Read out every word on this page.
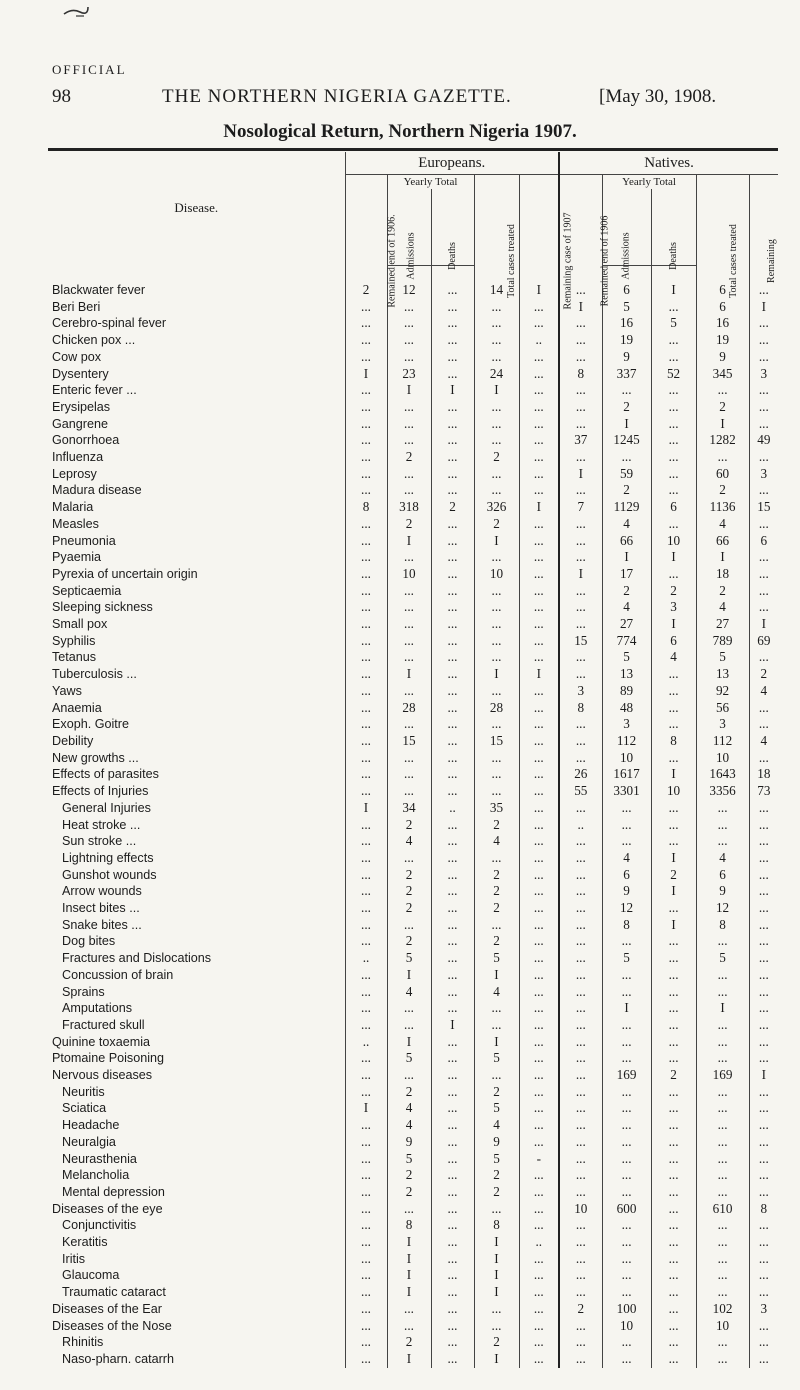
OFFICIAL
98	THE NORTHERN NIGERIA GAZETTE.	[May 30, 1908.
Nosological Return, Northern Nigeria 1907.
Disease.	Europeans.					Natives.				
	Remained end of 1906.	Yearly Total		Total cases treated	Remaining case of 1907	Remained end of 1906	Yearly Total		Total cases treated	Remaining
		Admissions	Deaths				Admissions	Deaths		
Blackwater fever	2	12	...	14	I	...	6	I	6	...
Beri Beri	...	...	...	...	...	I	5	...	6	I
Cerebro-spinal fever	...	...	...	...	...	...	16	5	16	...
Chicken pox ...	...	...	...	...	..	...	19	...	19	...
Cow pox	...	...	...	...	...	...	9	...	9	...
Dysentery	I	23	...	24	...	8	337	52	345	3
Enteric fever ...	...	I	I	I	...	...	...	...	...	...
Erysipelas	...	...	...	...	...	...	2	...	2	...
Gangrene	...	...	...	...	...	...	I	...	I	...
Gonorrhoea	...	...	...	...	...	37	1245	...	1282	49
Influenza	...	2	...	2	...	...	...	...	...	...
Leprosy	...	...	...	...	...	I	59	...	60	3
Madura disease	...	...	...	...	...	...	2	...	2	...
Malaria	8	318	2	326	I	7	1129	6	1136	15
Measles	...	2	...	2	...	...	4	...	4	...
Pneumonia	...	I	...	I	...	...	66	10	66	6
Pyaemia	...	...	...	...	...	...	I	I	I	...
Pyrexia of uncertain origin	...	10	...	10	...	I	17	...	18	...
Septicaemia	...	...	...	...	...	...	2	2	2	...
Sleeping sickness	...	...	...	...	...	...	4	3	4	...
Small pox	...	...	...	...	...	...	27	I	27	I
Syphilis	...	...	...	...	...	15	774	6	789	69
Tetanus	...	...	...	...	...	...	5	4	5	...
Tuberculosis ...	...	I	...	I	I	...	13	...	13	2
Yaws	...	...	...	...	...	3	89	...	92	4
Anaemia	...	28	...	28	...	8	48	...	56	...
Exoph. Goitre	...	...	...	...	...	...	3	...	3	...
Debility	...	15	...	15	...	...	112	8	112	4
New growths ...	...	...	...	...	...	...	10	...	10	...
Effects of parasites	...	...	...	...	...	26	1617	I	1643	18
Effects of Injuries	...	...	...	...	...	55	3301	10	3356	73
General Injuries	I	34	..	35	...	...	...	...	...	...
Heat stroke ...	...	2	...	2	...	..	...	...	...	...
Sun stroke ...	...	4	...	4	...	...	...	...	...	...
Lightning effects	...	...	...	...	...	...	4	I	4	...
Gunshot wounds	...	2	...	2	...	...	6	2	6	...
Arrow wounds	...	2	...	2	...	...	9	I	9	...
Insect bites ...	...	2	...	2	...	...	12	...	12	...
Snake bites ...	...	...	...	...	...	...	8	I	8	...
Dog bites	...	2	...	2	...	...	...	...	...	...
Fractures and Dislocations	..	5	...	5	...	...	5	...	5	...
Concussion of brain	...	I	...	I	...	...	...	...	...	...
Sprains	...	4	...	4	...	...	...	...	...	...
Amputations	...	...	...	...	...	...	I	...	I	...
Fractured skull	...	...	I	...	...	...	...	...	...	...
Quinine toxaemia	..	I	...	I	...	...	...	...	...	...
Ptomaine Poisoning	...	5	...	5	...	...	...	...	...	...
Nervous diseases	...	...	...	...	...	...	169	2	169	I
Neuritis	...	2	...	2	...	...	...	...	...	...
Sciatica	I	4	...	5	...	...	...	...	...	...
Headache	...	4	...	4	...	...	...	...	...	...
Neuralgia	...	9	...	9	...	...	...	...	...	...
Neurasthenia	...	5	...	5	-	...	...	...	...	...
Melancholia	...	2	...	2	...	...	...	...	...	...
Mental depression	...	2	...	2	...	...	...	...	...	...
Diseases of the eye	...	...	...	...	...	10	600	...	610	8
Conjunctivitis	...	8	...	8	...	...	...	...	...	...
Keratitis	...	I	...	I	..	...	...	...	...	...
Iritis	...	I	...	I	...	...	...	...	...	...
Glaucoma	...	I	...	I	...	...	...	...	...	...
Traumatic cataract	...	I	...	I	...	...	...	...	...	...
Diseases of the Ear	...	...	...	...	...	2	100	...	102	3
Diseases of the Nose	...	...	...	...	...	...	10	...	10	...
Rhinitis	...	2	...	2	...	...	...	...	...	...
Naso-pharn. catarrh	...	I	...	I	...	...	...	...	...	...
